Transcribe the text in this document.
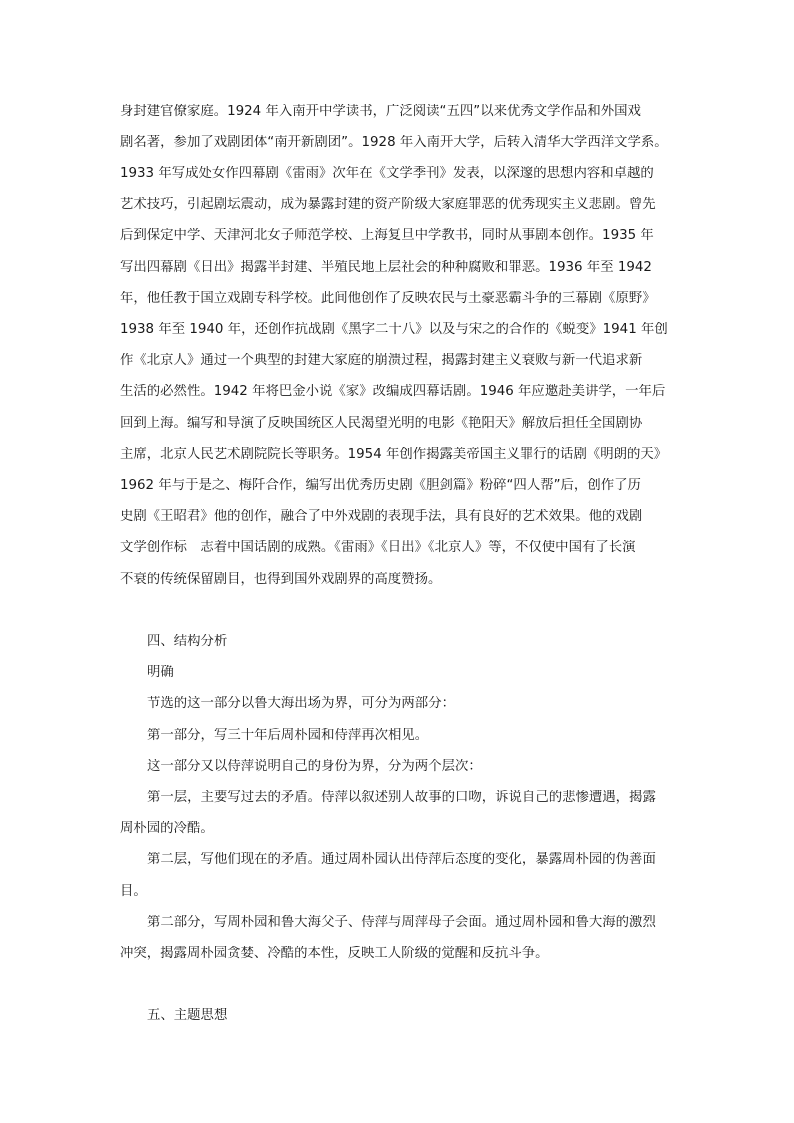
身封建官僚家庭。1924 年入南开中学读书，广泛阅读“五四”以来优秀文学作品和外国戏
剧名著，参加了戏剧团体“南开新剧团”。1928 年入南开大学，后转入清华大学西洋文学系。
1933 年写成处女作四幕剧《雷雨》次年在《文学季刊》发表，以深邃的思想内容和卓越的
艺术技巧，引起剧坛震动，成为暴露封建的资产阶级大家庭罪恶的优秀现实主义悲剧。曾先
后到保定中学、天津河北女子师范学校、上海复旦中学教书，同时从事剧本创作。1935 年
写出四幕剧《日出》揭露半封建、半殖民地上层社会的种种腐败和罪恶。1936 年至 1942
年，他任教于国立戏剧专科学校。此间他创作了反映农民与土豪恶霸斗争的三幕剧《原野》
1938 年至 1940 年，还创作抗战剧《黑字二十八》以及与宋之的合作的《蜕变》1941 年创
作《北京人》通过一个典型的封建大家庭的崩溃过程，揭露封建主义衰败与新一代追求新
生活的必然性。1942 年将巴金小说《家》改编成四幕话剧。1946 年应邀赴美讲学，一年后
回到上海。编写和导演了反映国统区人民渴望光明的电影《艳阳天》解放后担任全国剧协
主席，北京人民艺术剧院院长等职务。1954 年创作揭露美帝国主义罪行的话剧《明朗的天》
1962 年与于是之、梅阡合作，编写出优秀历史剧《胆剑篇》粉碎“四人帮”后，创作了历
史剧《王昭君》他的创作，融合了中外戏剧的表现手法，具有良好的艺术效果。他的戏剧
文学创作标　志着中国话剧的成熟。《雷雨》《日出》《北京人》等，不仅使中国有了长演
不衰的传统保留剧目，也得到国外戏剧界的高度赞扬。
四、结构分析
明确
节选的这一部分以鲁大海出场为界，可分为两部分：
第一部分，写三十年后周朴园和侍萍再次相见。
这一部分又以侍萍说明自己的身份为界，分为两个层次：
第一层，主要写过去的矛盾。侍萍以叙述别人故事的口吻，诉说自己的悲惨遭遇，揭露
周朴园的冷酷。
第二层，写他们现在的矛盾。通过周朴园认出侍萍后态度的变化，暴露周朴园的伪善面
目。
第二部分，写周朴园和鲁大海父子、侍萍与周萍母子会面。通过周朴园和鲁大海的激烈
冲突，揭露周朴园贪婪、冷酷的本性，反映工人阶级的觉醒和反抗斗争。
五、主题思想
